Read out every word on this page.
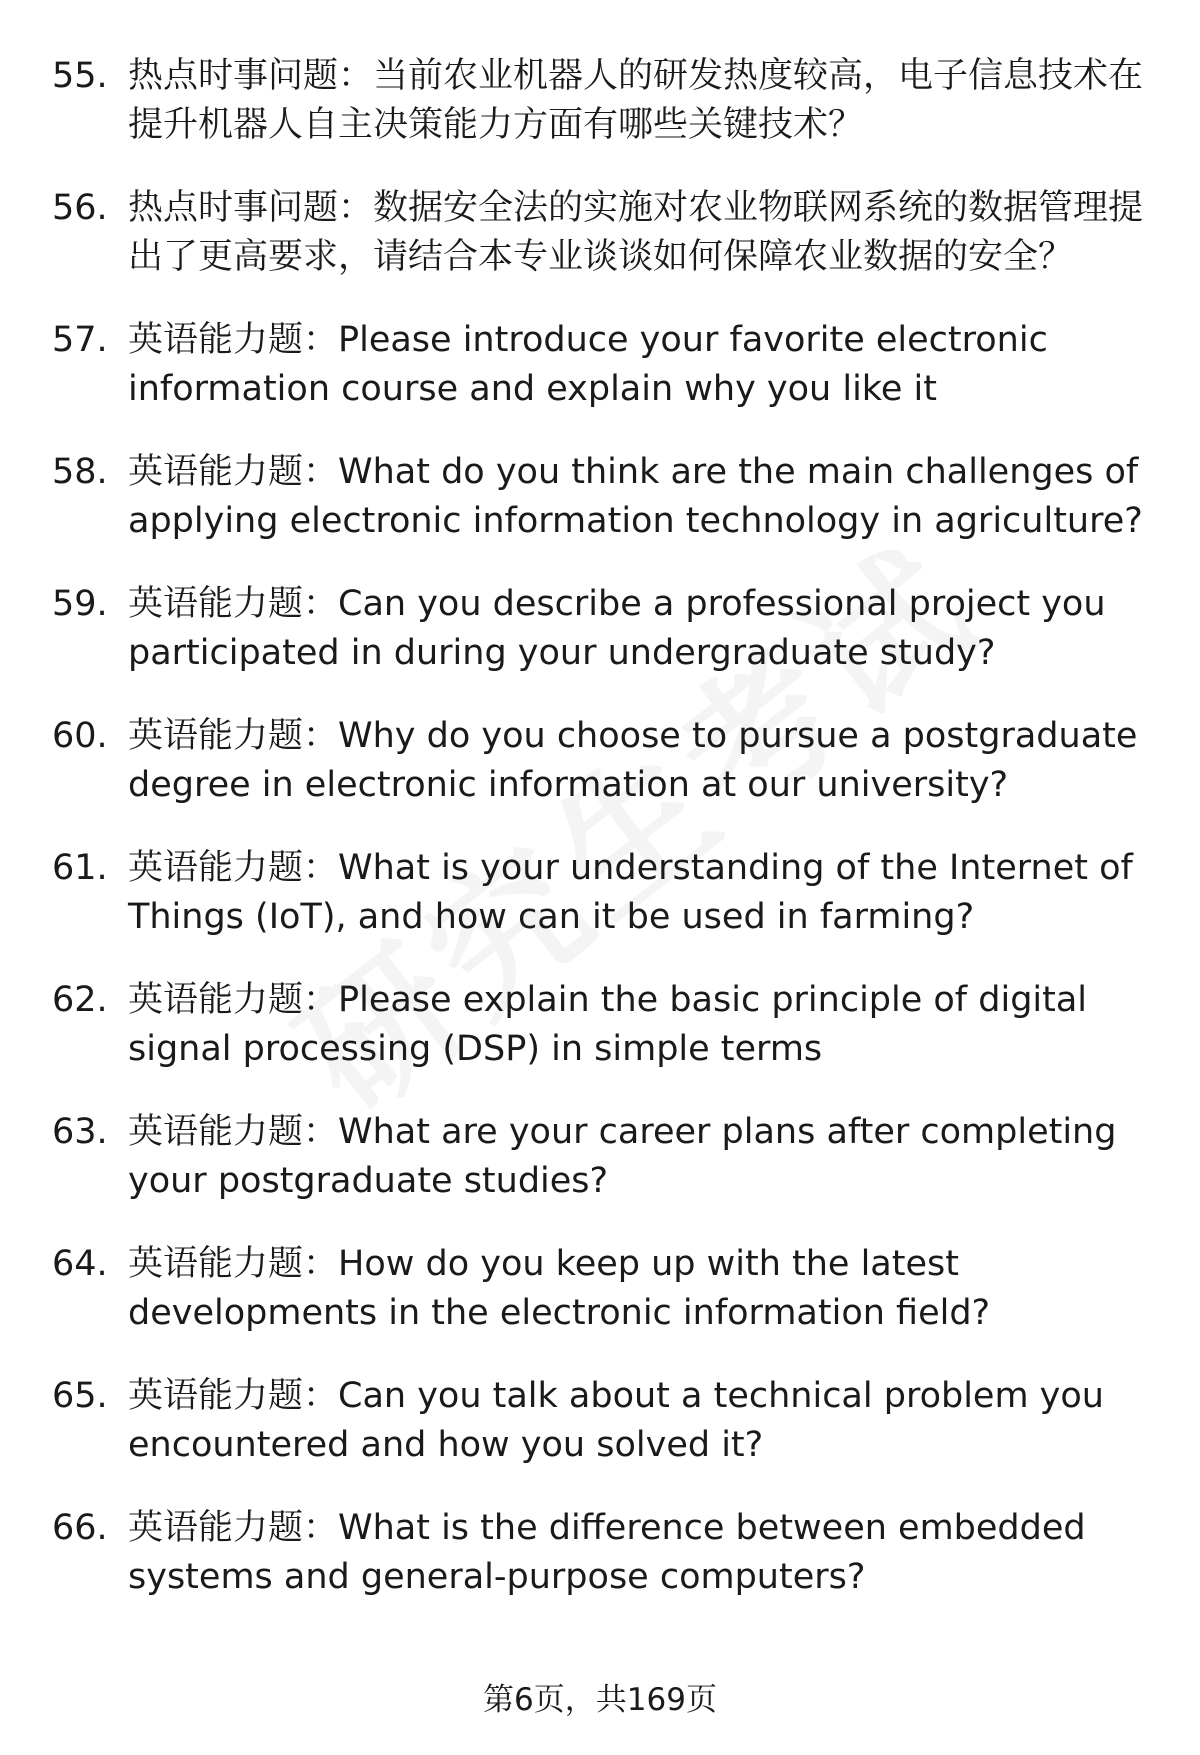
55. 热点时事问题：当前农业机器人的研发热度较高，电子信息技术在提升机器人自主决策能力方面有哪些关键技术？
56. 热点时事问题：数据安全法的实施对农业物联网系统的数据管理提出了更高要求，请结合本专业谈谈如何保障农业数据的安全？
57. 英语能力题：Please introduce your favorite electronic information course and explain why you like it
58. 英语能力题：What do you think are the main challenges of applying electronic information technology in agriculture?
59. 英语能力题：Can you describe a professional project you participated in during your undergraduate study?
60. 英语能力题：Why do you choose to pursue a postgraduate degree in electronic information at our university?
61. 英语能力题：What is your understanding of the Internet of Things (IoT), and how can it be used in farming?
62. 英语能力题：Please explain the basic principle of digital signal processing (DSP) in simple terms
63. 英语能力题：What are your career plans after completing your postgraduate studies?
64. 英语能力题：How do you keep up with the latest developments in the electronic information field?
65. 英语能力题：Can you talk about a technical problem you encountered and how you solved it?
66. 英语能力题：What is the difference between embedded systems and general-purpose computers?
第6页，共169页
